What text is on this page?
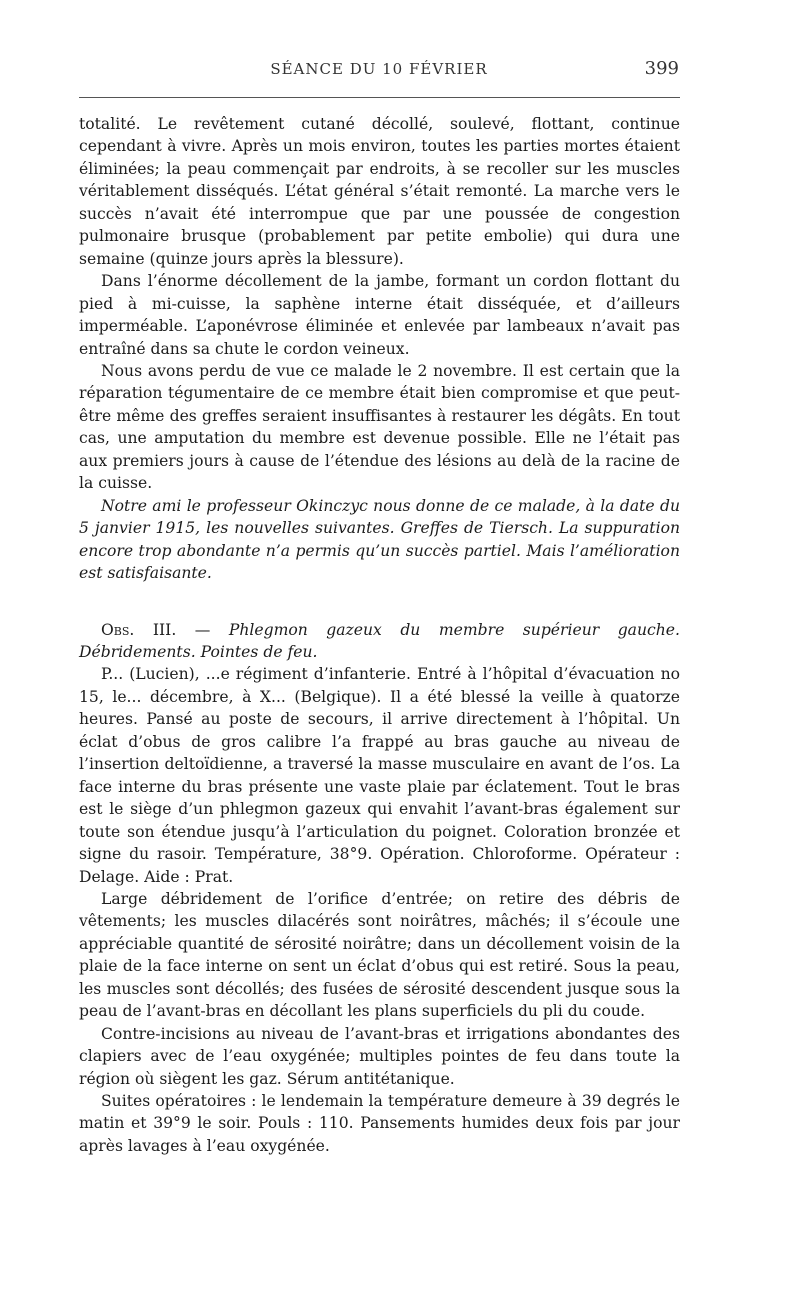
SÉANCE DU 10 FÉVRIER	399

totalité. Le revêtement cutané décollé, soulevé, flottant, continue cependant à vivre. Après un mois environ, toutes les parties mortes étaient éliminées; la peau commençait par endroits, à se recoller sur les muscles véritablement disséqués. L’état général s’était remonté. La marche vers le succès n’avait été interrompue que par une poussée de congestion pulmonaire brusque (probablement par petite embolie) qui dura une semaine (quinze jours après la blessure).

Dans l’énorme décollement de la jambe, formant un cordon flottant du pied à mi-cuisse, la saphène interne était disséquée, et d’ailleurs imperméable. L’aponévrose éliminée et enlevée par lambeaux n’avait pas entraîné dans sa chute le cordon veineux.

Nous avons perdu de vue ce malade le 2 novembre. Il est certain que la réparation tégumentaire de ce membre était bien compromise et que peut-être même des greffes seraient insuffisantes à restaurer les dégâts. En tout cas, une amputation du membre est devenue possible. Elle ne l’était pas aux premiers jours à cause de l’étendue des lésions au delà de la racine de la cuisse.

Notre ami le professeur Okinczyc nous donne de ce malade, à la date du 5 janvier 1915, les nouvelles suivantes. Greffes de Tiersch. La suppuration encore trop abondante n’a permis qu’un succès partiel. Mais l’amélioration est satisfaisante.

Obs. III. — Phlegmon gazeux du membre supérieur gauche. Débridements. Pointes de feu.

P... (Lucien), ...e régiment d’infanterie. Entré à l’hôpital d’évacuation no 15, le... décembre, à X... (Belgique). Il a été blessé la veille à quatorze heures. Pansé au poste de secours, il arrive directement à l’hôpital. Un éclat d’obus de gros calibre l’a frappé au bras gauche au niveau de l’insertion deltoïdienne, a traversé la masse musculaire en avant de l’os. La face interne du bras présente une vaste plaie par éclatement. Tout le bras est le siège d’un phlegmon gazeux qui envahit l’avant-bras également sur toute son étendue jusqu’à l’articulation du poignet. Coloration bronzée et signe du rasoir. Température, 38°9. Opération. Chloroforme. Opérateur : Delage. Aide : Prat.

Large débridement de l’orifice d’entrée; on retire des débris de vêtements; les muscles dilacérés sont noirâtres, mâchés; il s’écoule une appréciable quantité de sérosité noirâtre; dans un décollement voisin de la plaie de la face interne on sent un éclat d’obus qui est retiré. Sous la peau, les muscles sont décollés; des fusées de sérosité descendent jusque sous la peau de l’avant-bras en décollant les plans superficiels du pli du coude.

Contre-incisions au niveau de l’avant-bras et irrigations abondantes des clapiers avec de l’eau oxygénée; multiples pointes de feu dans toute la région où siègent les gaz. Sérum antitétanique.

Suites opératoires : le lendemain la température demeure à 39 degrés le matin et 39°9 le soir. Pouls : 110. Pansements humides deux fois par jour après lavages à l’eau oxygénée.
